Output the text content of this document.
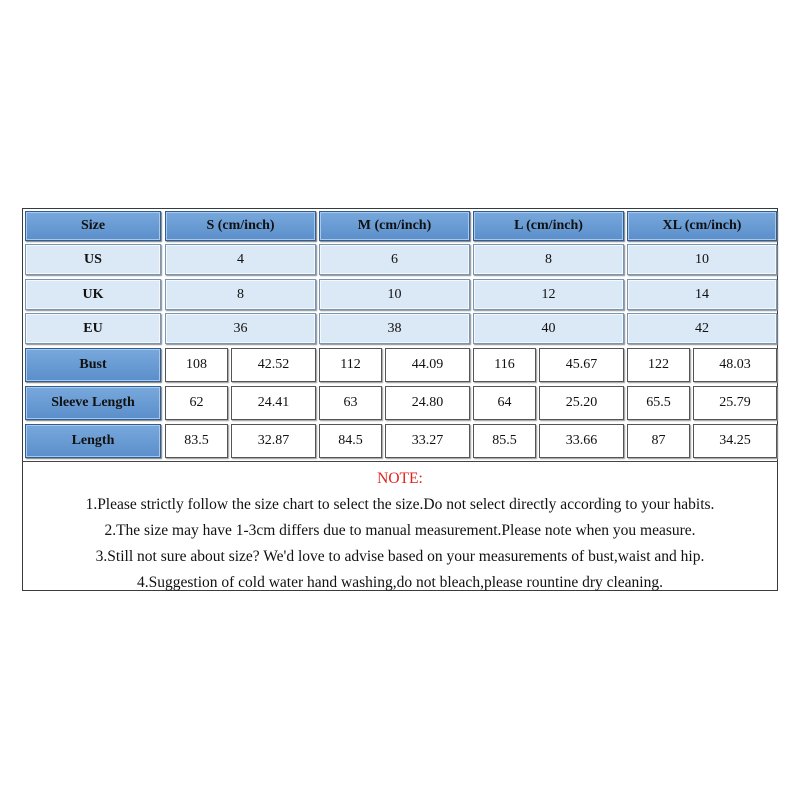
Size	S (cm/inch)	M (cm/inch)	L (cm/inch)	XL (cm/inch)
US	4	6	8	10
UK	8	10	12	14
EU	36	38	40	42
Bust	108	42.52	112	44.09	116	45.67	122	48.03
Sleeve Length	62	24.41	63	24.80	64	25.20	65.5	25.79
Length	83.5	32.87	84.5	33.27	85.5	33.66	87	34.25
NOTE:
1.Please strictly follow the size chart to select the size.Do not select directly according to your habits.
2.The size may have 1-3cm differs due to manual measurement.Please note when you measure.
3.Still not sure about size? We'd love to advise based on your measurements of bust,waist and hip.
4.Suggestion of cold water hand washing,do not bleach,please rountine dry cleaning.
